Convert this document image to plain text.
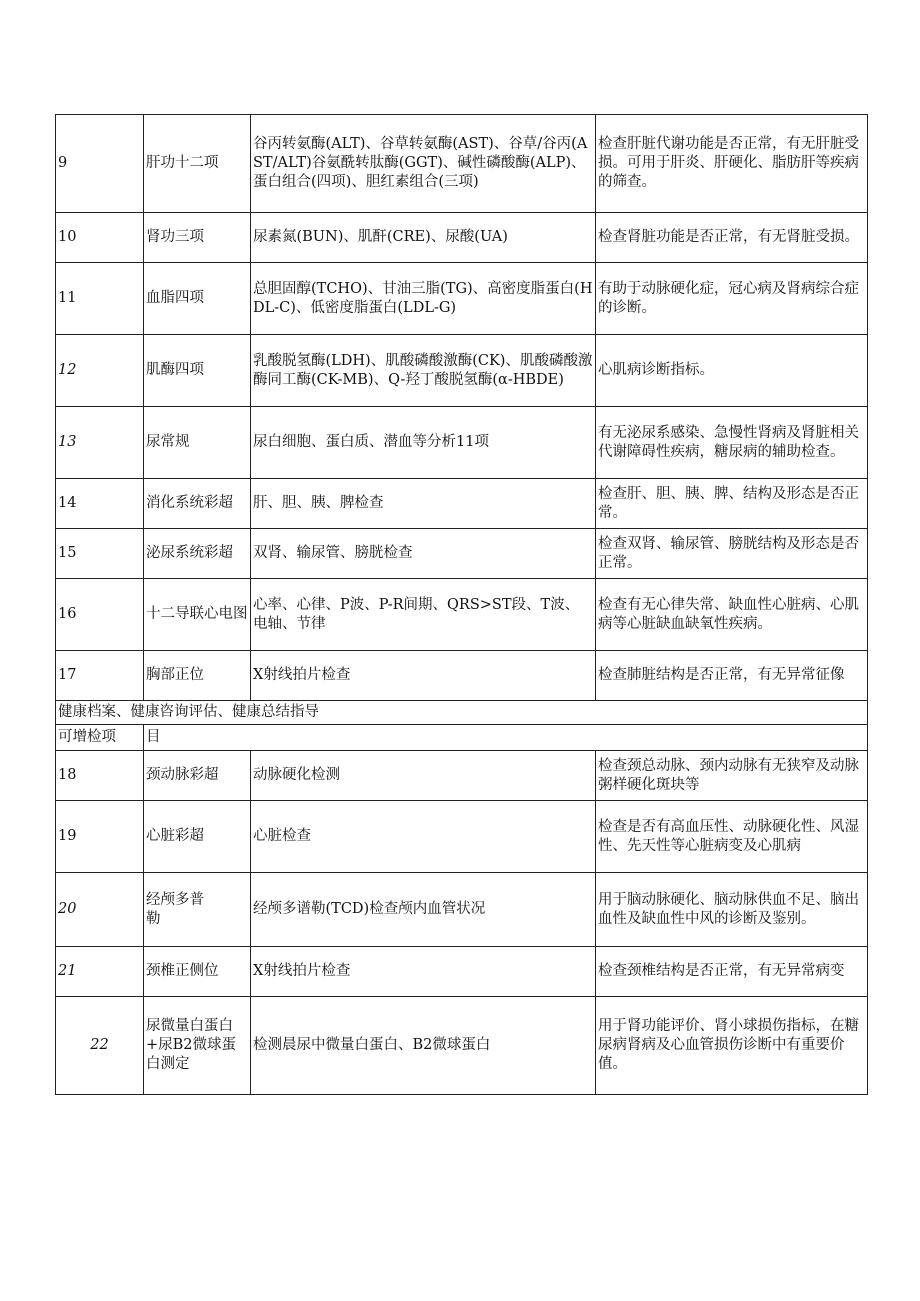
9	肝功十二项	谷丙转氨酶(ALT)、谷草转氨酶(AST)、谷草/谷丙(AST/ALT)谷氨酰转肽酶(GGT)、碱性磷酸酶(ALP)、蛋白组合(四项)、胆红素组合(三项)	检查肝脏代谢功能是否正常，有无肝脏受损。可用于肝炎、肝硬化、脂肪肝等疾病的筛查。
10	肾功三项	尿素氮(BUN)、肌酐(CRE)、尿酸(UA)	检查肾脏功能是否正常，有无肾脏受损。
11	血脂四项	总胆固醇(TCHO)、甘油三脂(TG)、高密度脂蛋白(HDL-C)、低密度脂蛋白(LDL-G)	有助于动脉硬化症，冠心病及肾病综合症的诊断。
12	肌酶四项	乳酸脱氢酶(LDH)、肌酸磷酸激酶(CK)、肌酸磷酸激酶同工酶(CK-MB)、Q-羟丁酸脱氢酶(α-HBDE)	心肌病诊断指标。
13	尿常规	尿白细胞、蛋白质、潜血等分析11项	有无泌尿系感染、急慢性肾病及肾脏相关代谢障碍性疾病，糖尿病的辅助检查。
14	消化系统彩超	肝、胆、胰、脾检查	检查肝、胆、胰、脾、结构及形态是否正常。
15	泌尿系统彩超	双肾、输尿管、膀胱检查	检查双肾、输尿管、膀胱结构及形态是否正常。
16	十二导联心电图	心率、心律、P波、P-R间期、QRS>ST段、T波、电轴、节律	检查有无心律失常、缺血性心脏病、心肌病等心脏缺血缺氧性疾病。
17	胸部正位	X射线拍片检查	检查肺脏结构是否正常，有无异常征像
健康档案、健康咨询评估、健康总结指导			
可增检项	目		
18	颈动脉彩超	动脉硬化检测	检查颈总动脉、颈内动脉有无狭窄及动脉粥样硬化斑块等
19	心脏彩超	心脏检查	检查是否有高血压性、动脉硬化性、风湿性、先天性等心脏病变及心肌病
20	经颅多普勒	经颅多谱勒(TCD)检查颅内血管状况	用于脑动脉硬化、脑动脉供血不足、脑出血性及缺血性中风的诊断及鉴别。
21	颈椎正侧位	X射线拍片检查	检查颈椎结构是否正常，有无异常病变
22	尿微量白蛋白+尿B2微球蛋白测定	检测晨尿中微量白蛋白、B2微球蛋白	用于肾功能评价、肾小球损伤指标，在糖尿病肾病及心血管损伤诊断中有重要价值。
